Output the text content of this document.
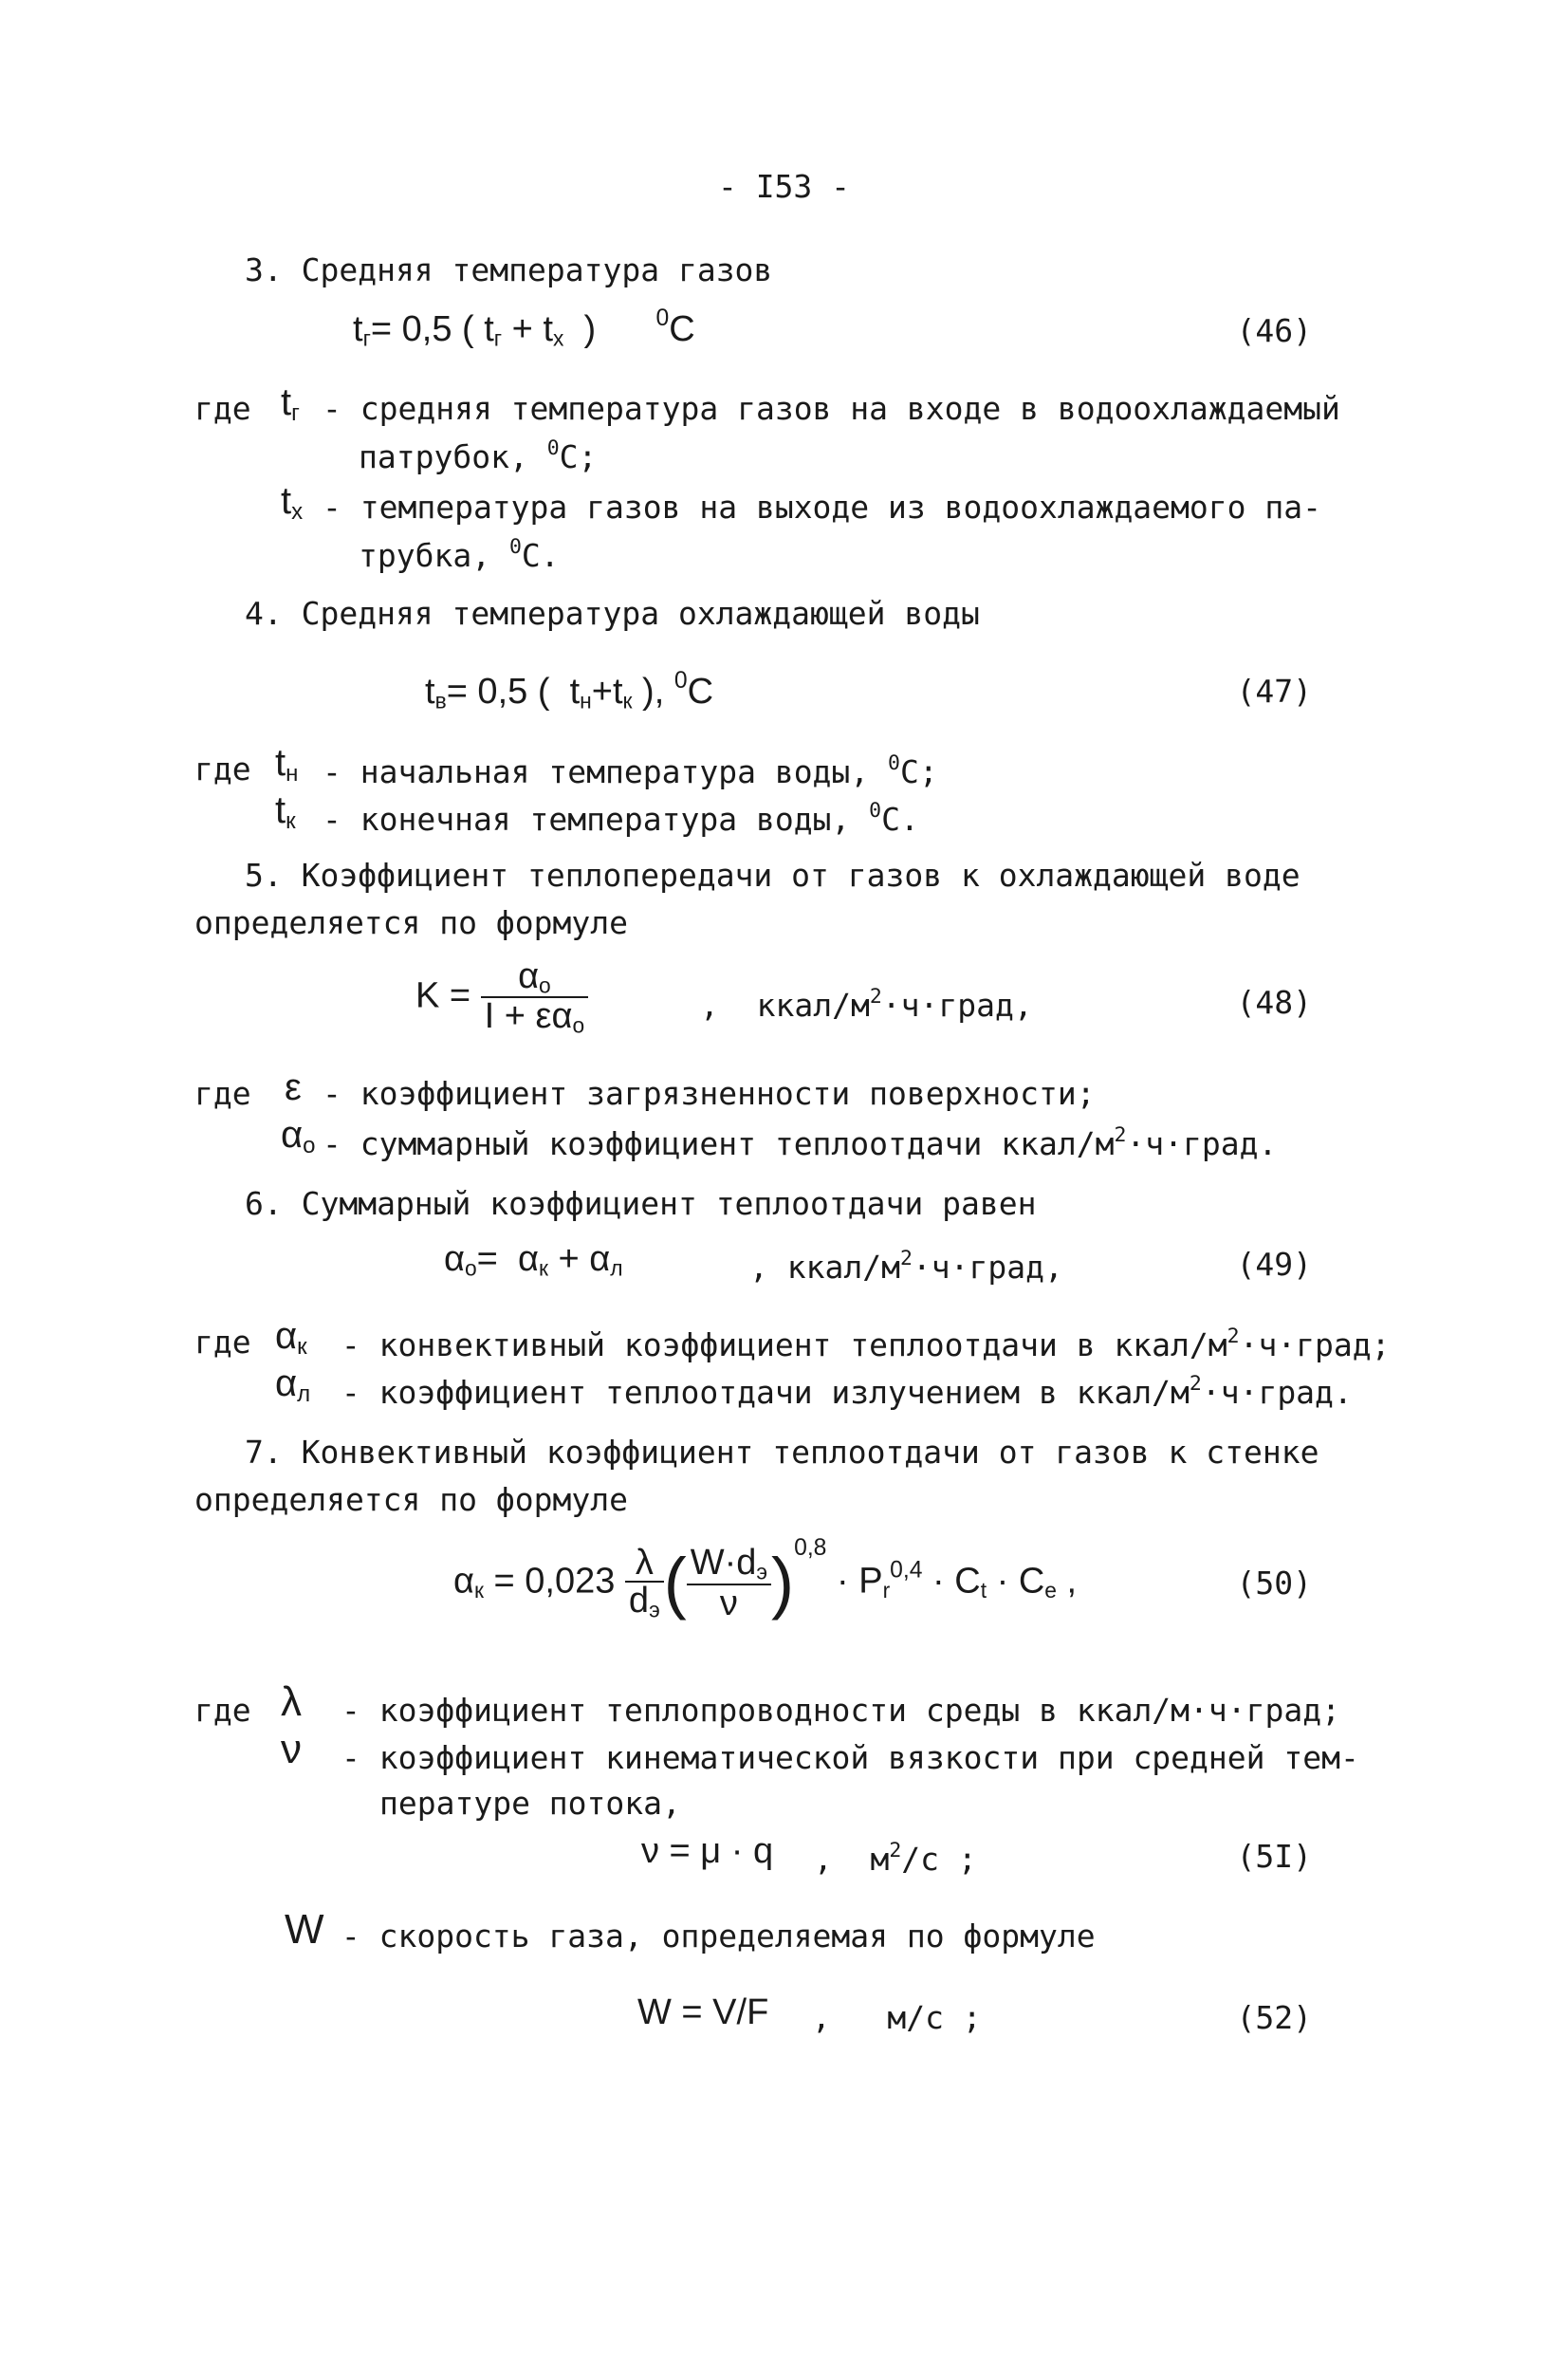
- I53 -
3. Средняя температура газов
$t_г= 0,5$ ( $t_г + t_х$  )	$^0$С	(46)
где $t_г$ - средняя температура газов на входе в водоохлаждаемый
патрубок, $^0$С;
$t_х$ - температура газов на выходе из водоохлаждаемого па-
трубка, $^0$С.
4. Средняя температура охлаждающей воды
$t_в= 0,5$ (  $t_н+t_к$ ), $^0$С	(47)
где $t_н$ - начальная температура воды, $^0$С;
$t_к$ - конечная температура воды, $^0$С.
5. Коэффициент теплопередачи от газов к охлаждающей воде
определяется по формуле
$K = \frac{\alpha_о}{I + \varepsilon\alpha_о}$	, ккал/$м^2\cdot ч\cdot град$,	(48)
где ε - коэффициент загрязненности поверхности;
$\alpha_о$ - суммарный коэффициент теплоотдачи ккал/$м^2\cdot ч\cdot град$.
6. Суммарный коэффициент теплоотдачи равен
$\alpha_о= \alpha_к + \alpha_л$	, ккал/$м^2\cdot ч\cdot град$,	(49)
где $\alpha_к$ - конвективный коэффициент теплоотдачи в ккал/$м^2\cdot ч\cdot град$;
$\alpha_л$ - коэффициент теплоотдачи излучением в ккал/$м^2\cdot ч\cdot град$.
7. Конвективный коэффициент теплоотдачи от газов к стенке
определяется по формуле
$\alpha_к = 0,023 \frac{\lambda}{d_э}$ ( $\frac{W\cdot d_э}{\nu} )^{0,8} \cdot P_r^{0,4} \cdot C_t \cdot C_e$ ,	(50)
где λ - коэффициент теплопроводности среды в ккал/м·ч·град;
ν - коэффициент кинематической вязкости при средней тем-
пературе потока,
ν = μ · q ,  $м^2/с$ ;	(5I)
W
- скорость газа, определяемая по формуле
W = V/F ,   м/с ;	(52)
